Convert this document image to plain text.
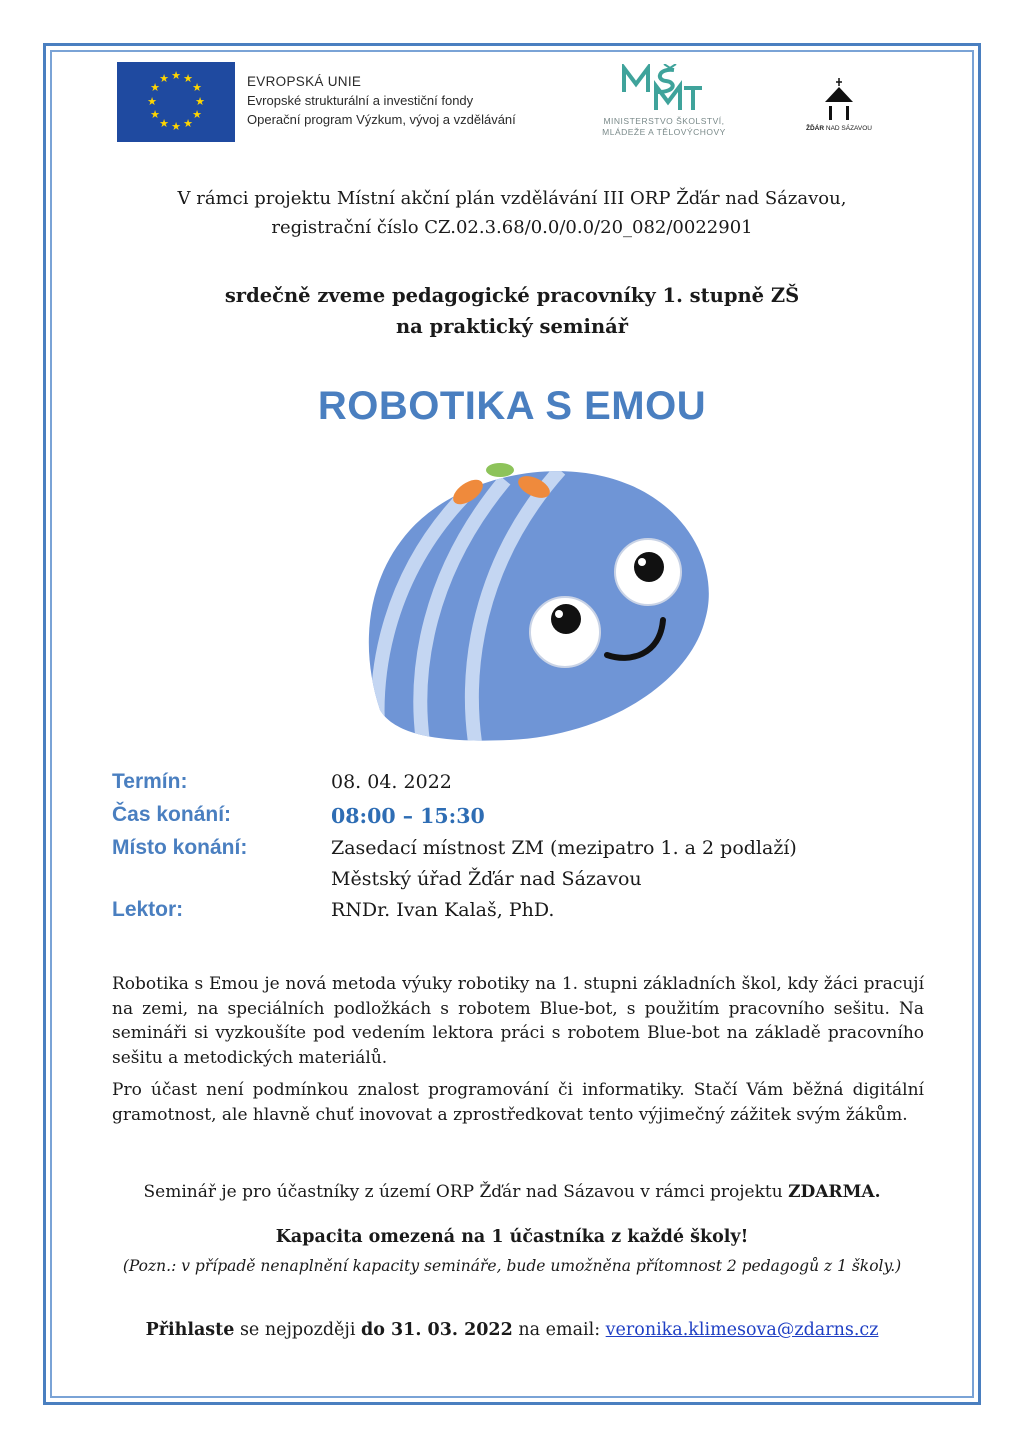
★ ★
★
★
★
★
★
★
★
★
★
★	EVROPSKÁ UNIE
Evropské strukturální a investiční fondy
Operační program Výzkum, vývoj a vzdělávání	MINISTERSTVO ŠKOLSTVÍ,
MLÁDEŽE A TĚLOVÝCHOVY	ŽĎÁR NAD SÁZAVOU
V rámci projektu Místní akční plán vzdělávání III ORP Žďár nad Sázavou,
registrační číslo CZ.02.3.68/0.0/0.0/20_082/0022901
srdečně zveme pedagogické pracovníky 1. stupně ZŠ
na praktický seminář
ROBOTIKA S EMOU
Termín:	08. 04. 2022
Čas konání:	08:00 – 15:30
Místo konání:	Zasedací místnost ZM (mezipatro 1. a 2 podlaží)
Městský úřad Žďár nad Sázavou
Lektor:	RNDr. Ivan Kalaš, PhD.

Robotika s Emou je nová metoda výuky robotiky na 1. stupni základních škol, kdy žáci pracují na zemi, na speciálních podložkách s robotem Blue-bot, s použitím pracovního sešitu. Na semináři si vyzkoušíte pod vedením lektora práci s robotem Blue-bot na základě pracovního sešitu a metodických materiálů.

Pro účast není podmínkou znalost programování či informatiky. Stačí Vám běžná digitální gramotnost, ale hlavně chuť inovovat a zprostředkovat tento výjimečný zážitek svým žákům.

Seminář je pro účastníky z území ORP Žďár nad Sázavou v rámci projektu ZDARMA.
Kapacita omezená na 1 účastníka z každé školy!
(Pozn.: v případě nenaplnění kapacity semináře, bude umožněna přítomnost 2 pedagogů z 1 školy.)
Přihlaste se nejpozději do 31. 03. 2022 na email: veronika.klimesova@zdarns.cz
